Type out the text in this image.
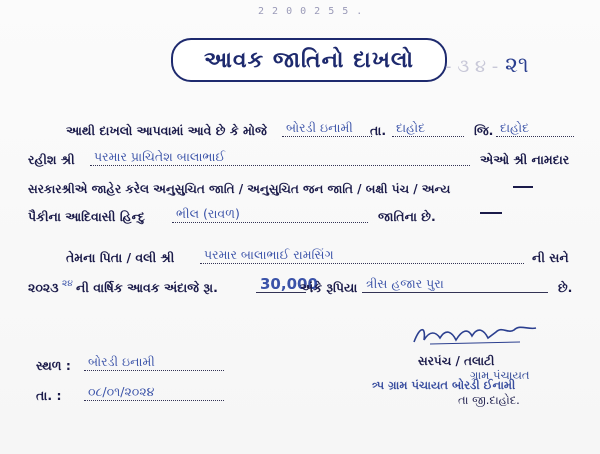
2 2 0 0 2 5 5 .
આવક જાતિનો દાખલો - ૩ ૪ - ૨૧
આથી દાખલો આપવામાં આવે છે કે મોજે	બોરડી ઇનામી	તા. દાહોદ	જિ. દાહોદ
રહીશ શ્રી	પરમાર પ્રાચિતેશ બાલાભાઈ	એઓ શ્રી નામદાર
સરકારશ્રીએ જાહેર કરેલ અનુસુચિત જાતિ / અનુસુચિત જન જાતિ / બક્ષી પંચ / અન્ય
પૈકીના આદિવાસી હિન્દુ	ભીલ (રાવળ)	જાતિના છે.
તેમના પિતા / વલી શ્રી	પરમાર બાલાભાઈ રામસિંગ	ની સને
૨૦૨૩ ૨૪ ની વાર્ષિક આવક અંદાજે રૂા.	30,000
અંકે રૂપિયા ત્રીસ હજાર પુરા	છે.
સ્થળ :	બોરડી ઇનામી
તા. :	૦૮/૦૧/૨૦૨૪
સરપંચ / તલાટી
ગ્રામ પંચાયત
ત્ર્પ ગ્રામ પંચાયત બોરડી ઈનામી
તા જી.દાહોદ.
